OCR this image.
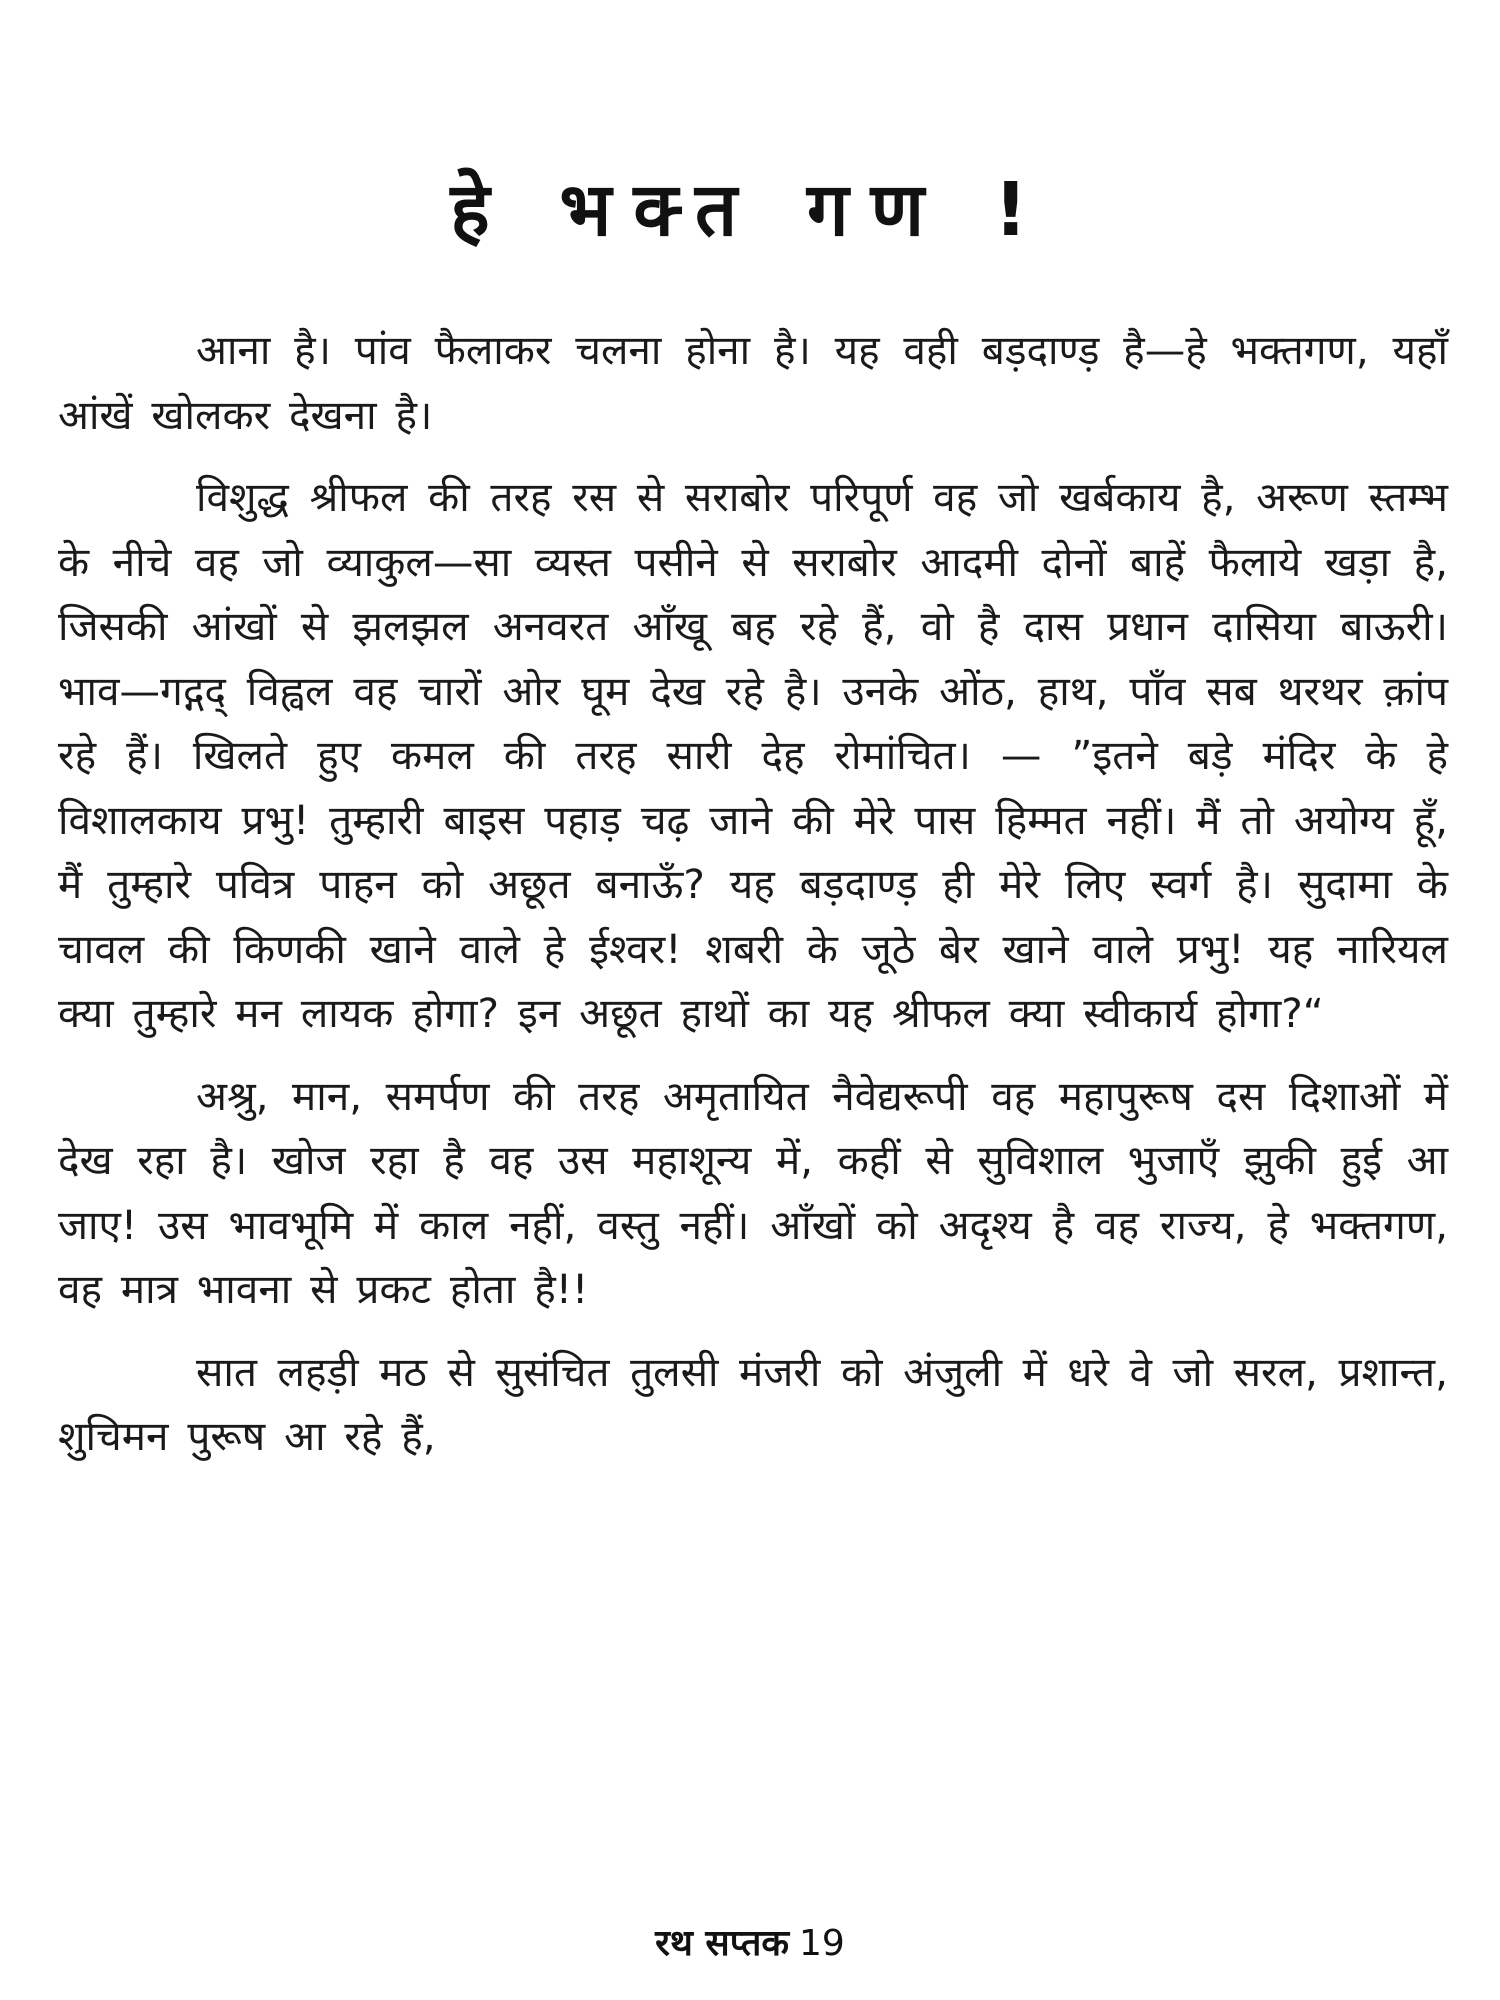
हे भक्त गण !

आना है। पांव फैलाकर चलना होना है। यह वही बड़दाण्ड़ है—हे भक्तगण, यहाँ आंखें खोलकर देखना है।

विशुद्ध श्रीफल की तरह रस से सराबोर परिपूर्ण वह जो खर्बकाय है, अरूण स्तम्भ के नीचे वह जो व्याकुल—सा व्यस्त पसीने से सराबोर आदमी दोनों बाहें फैलाये खड़ा है, जिसकी आंखों से झलझल अनवरत आँखू बह रहे हैं, वो है दास प्रधान दासिया बाऊरी। भाव—गद्गद् विह्वल वह चारों ओर घूम देख रहे है। उनके ओंठ, हाथ, पाँव सब थरथर क़ांप रहे हैं। खिलते हुए कमल की तरह सारी देह रोमांचित। — ”इतने बड़े मंदिर के हे विशालकाय प्रभु! तुम्हारी बाइस पहाड़ चढ़ जाने की मेरे पास हिम्मत नहीं। मैं तो अयोग्य हूँ, मैं तुम्हारे पवित्र पाहन को अछूत बनाऊँ? यह बड़दाण्ड़ ही मेरे लिए स्वर्ग है। सुदामा के चावल की किणकी खाने वाले हे ईश्वर! शबरी के जूठे बेर खाने वाले प्रभु! यह नारियल क्या तुम्हारे मन लायक होगा? इन अछूत हाथों का यह श्रीफल क्या स्वीकार्य होगा?“

अश्रु, मान, समर्पण की तरह अमृतायित नैवेद्यरूपी वह महापुरूष दस दिशाओं में देख रहा है। खोज रहा है वह उस महाशून्य में, कहीं से सुविशाल भुजाएँ झुकी हुई आ जाए! उस भावभूमि में काल नहीं, वस्तु नहीं। आँखों को अदृश्य है वह राज्य, हे भक्तगण, वह मात्र भावना से प्रकट होता है!!

सात लहड़ी मठ से सुसंचित तुलसी मंजरी को अंजुली में धरे वे जो सरल, प्रशान्त, शुचिमन पुरूष आ रहे हैं,

रथ सप्तक 19
